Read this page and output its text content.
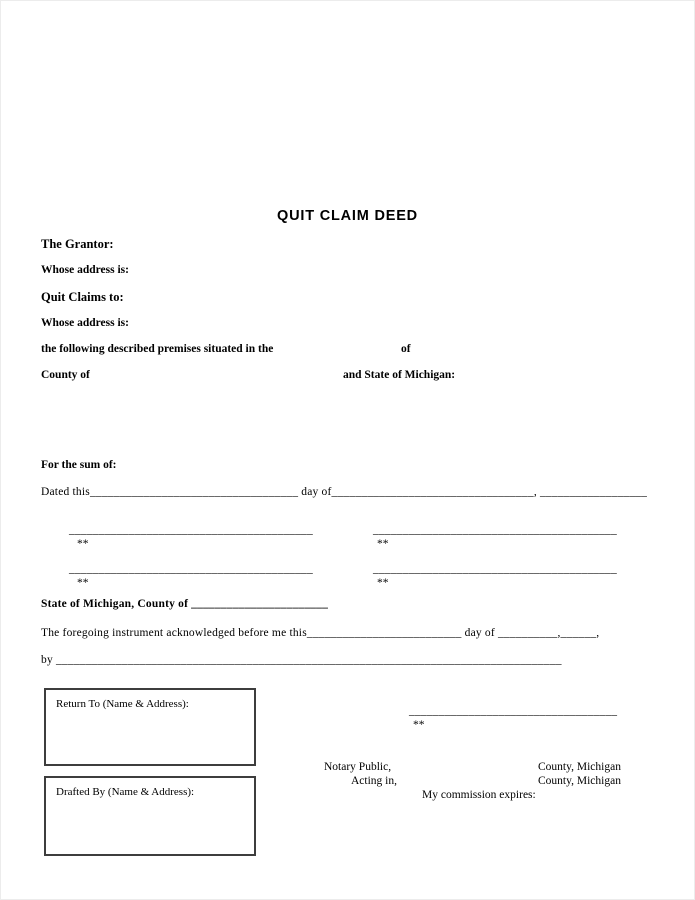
QUIT CLAIM DEED
The Grantor:
Whose address is:
Quit Claims to:
Whose address is:
the following described premises situated in the	of
County of	and State of Michigan:
For the sum of:
Dated this___________________________________ day of__________________________________, __________________
_________________________________________	_________________________________________
**	**
_________________________________________	_________________________________________
**	**
State of Michigan, County of _______________________
The foregoing instrument acknowledged before me this__________________________ day of __________,______,
by _____________________________________________________________________________________
Return To (Name & Address):
Drafted By (Name & Address):
___________________________________
**
Notary Public,	County, Michigan
Acting in,	County, Michigan
My commission expires:
